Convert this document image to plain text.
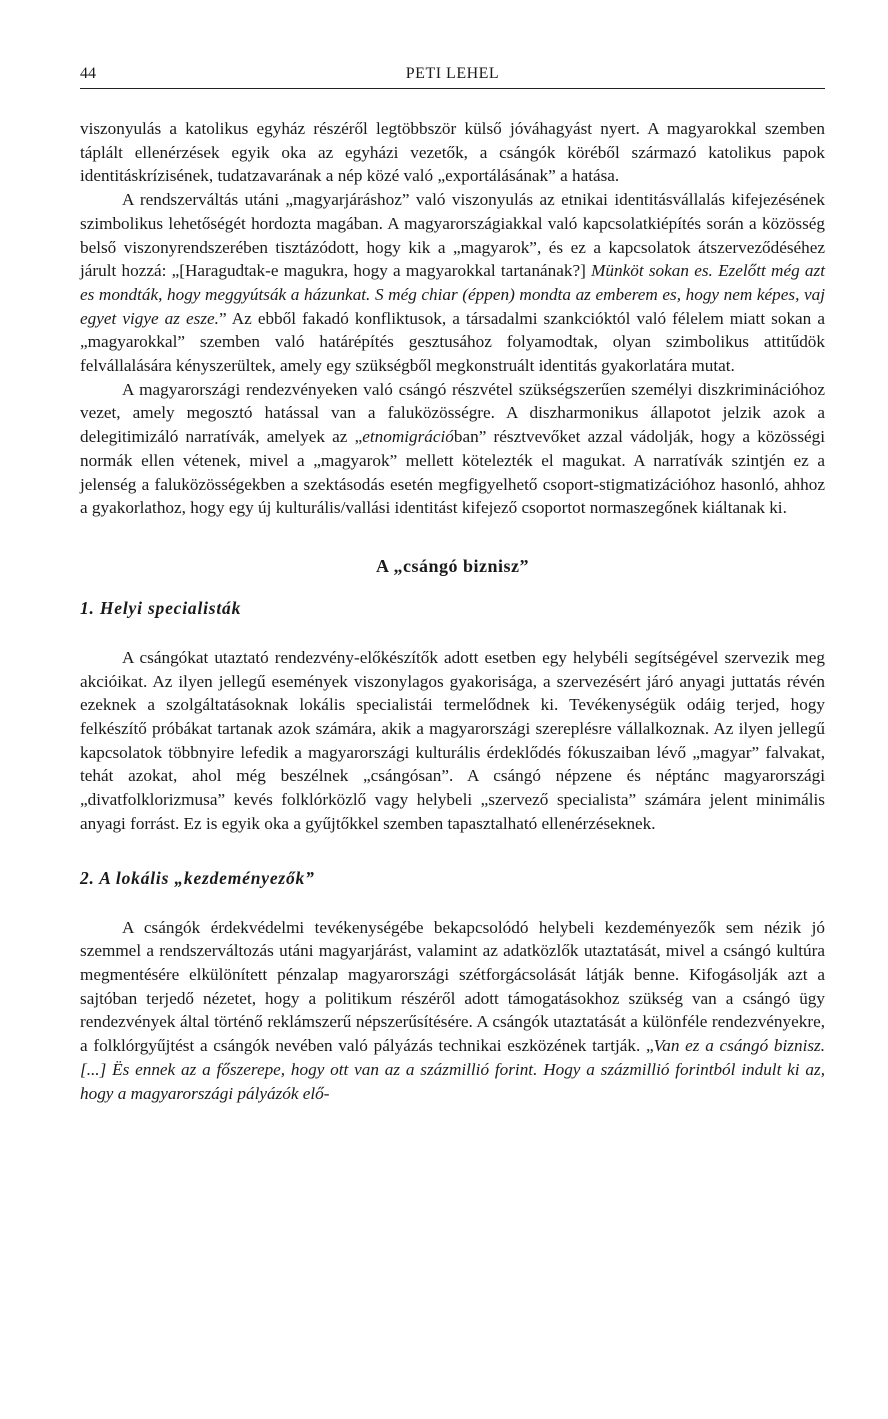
44	PETI LEHEL

viszonyulás a katolikus egyház részéről legtöbbször külső jóváhagyást nyert. A magyarokkal szemben táplált ellenérzések egyik oka az egyházi vezetők, a csángók köréből származó katolikus papok identitáskrízisének, tudatzavarának a nép közé való „exportálásának” a hatása.

A rendszerváltás utáni „magyarjáráshoz” való viszonyulás az etnikai identitásvállalás kifejezésének szimbolikus lehetőségét hordozta magában. A magyarországiakkal való kapcsolatkiépítés során a közösség belső viszonyrendszerében tisztázódott, hogy kik a „magyarok”, és ez a kapcsolatok átszerveződéséhez járult hozzá: „[Haragudtak-e magukra, hogy a magyarokkal tartanának?] Münköt sokan es. Ezelőtt még azt es mondták, hogy meggyútsák a házunkat. S még chiar (éppen) mondta az emberem es, hogy nem képes, vaj egyet vigye az esze.” Az ebből fakadó konfliktusok, a társadalmi szankcióktól való félelem miatt sokan a „magyarokkal” szemben való határépítés gesztusához folyamodtak, olyan szimbolikus attitűdök felvállalására kényszerültek, amely egy szükségből megkonstruált identitás gyakorlatára mutat.

A magyarországi rendezvényeken való csángó részvétel szükségszerűen személyi diszkriminációhoz vezet, amely megosztó hatással van a faluközösségre. A diszharmonikus állapotot jelzik azok a delegitimizáló narratívák, amelyek az „etnomigrációban” résztvevőket azzal vádolják, hogy a közösségi normák ellen vétenek, mivel a „magyarok” mellett kötelezték el magukat. A narratívák szintjén ez a jelenség a faluközösségekben a szektásodás esetén megfigyelhető csoport-stigmatizációhoz hasonló, ahhoz a gyakorlathoz, hogy egy új kulturális/vallási identitást kifejező csoportot normaszegőnek kiáltanak ki.

A „csángó biznisz”
1. Helyi specialisták

A csángókat utaztató rendezvény-előkészítők adott esetben egy helybéli segítségével szervezik meg akcióikat. Az ilyen jellegű események viszonylagos gyakorisága, a szervezésért járó anyagi juttatás révén ezeknek a szolgáltatásoknak lokális specialistái termelődnek ki. Tevékenységük odáig terjed, hogy felkészítő próbákat tartanak azok számára, akik a magyarországi szereplésre vállalkoznak. Az ilyen jellegű kapcsolatok többnyire lefedik a magyarországi kulturális érdeklődés fókuszaiban lévő „magyar” falvakat, tehát azokat, ahol még beszélnek „csángósan”. A csángó népzene és néptánc magyarországi „divatfolklorizmusa” kevés folklórközlő vagy helybeli „szervező specialista” számára jelent minimális anyagi forrást. Ez is egyik oka a gyűjtőkkel szemben tapasztalható ellenérzéseknek.

2. A lokális „kezdeményezők”

A csángók érdekvédelmi tevékenységébe bekapcsolódó helybeli kezdeményezők sem nézik jó szemmel a rendszerváltozás utáni magyarjárást, valamint az adatközlők utaztatását, mivel a csángó kultúra megmentésére elkülönített pénzalap magyarországi szétforgácsolását látják benne. Kifogásolják azt a sajtóban terjedő nézetet, hogy a politikum részéről adott támogatásokhoz szükség van a csángó ügy rendezvények által történő reklámszerű népszerűsítésére. A csángók utaztatását a különféle rendezvényekre, a folklórgyűjtést a csángók nevében való pályázás technikai eszközének tartják. „Van ez a csángó biznisz. [...] Ës ennek az a főszerepe, hogy ott van az a százmillió forint. Hogy a százmillió forintból indult ki az, hogy a magyarországi pályázók elő-
